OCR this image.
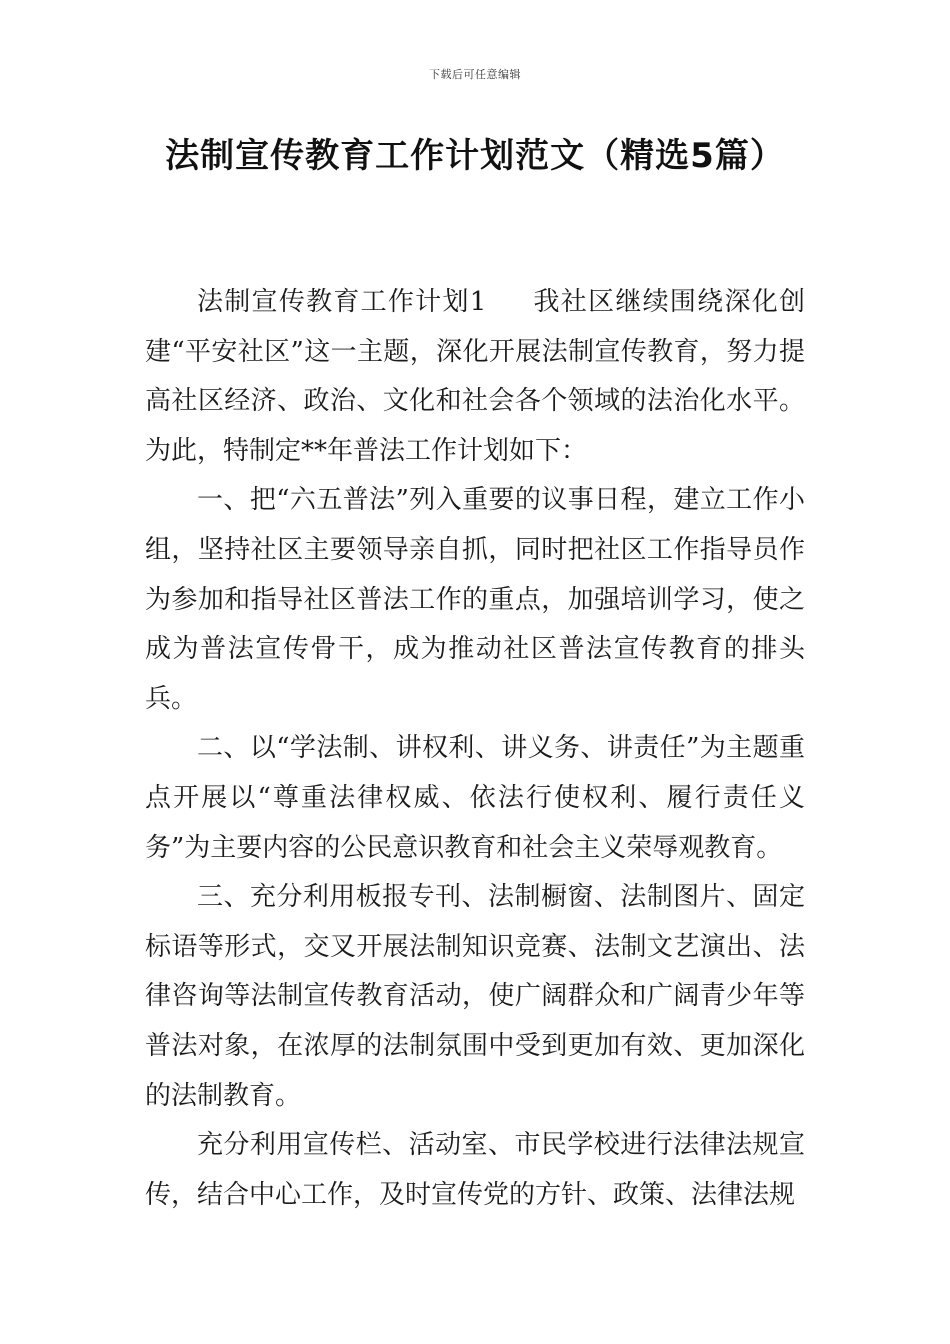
下载后可任意编辑
法制宣传教育工作计划范文（精选5篇）

法制宣传教育工作计划1 我社区继续围绕深化创建“平安社区”这一主题，深化开展法制宣传教育，努力提高社区经济、政治、文化和社会各个领域的法治化水平。为此，特制定**年普法工作计划如下：

一、把“六五普法”列入重要的议事日程，建立工作小组，坚持社区主要领导亲自抓，同时把社区工作指导员作为参加和指导社区普法工作的重点，加强培训学习，使之成为普法宣传骨干，成为推动社区普法宣传教育的排头兵。

二、以“学法制、讲权利、讲义务、讲责任”为主题重点开展以“尊重法律权威、依法行使权利、履行责任义务”为主要内容的公民意识教育和社会主义荣辱观教育。

三、充分利用板报专刊、法制橱窗、法制图片、固定标语等形式，交叉开展法制知识竞赛、法制文艺演出、法律咨询等法制宣传教育活动，使广阔群众和广阔青少年等普法对象，在浓厚的法制氛围中受到更加有效、更加深化的法制教育。

充分利用宣传栏、活动室、市民学校进行法律法规宣传，结合中心工作，及时宣传党的方针、政策、法律法规
